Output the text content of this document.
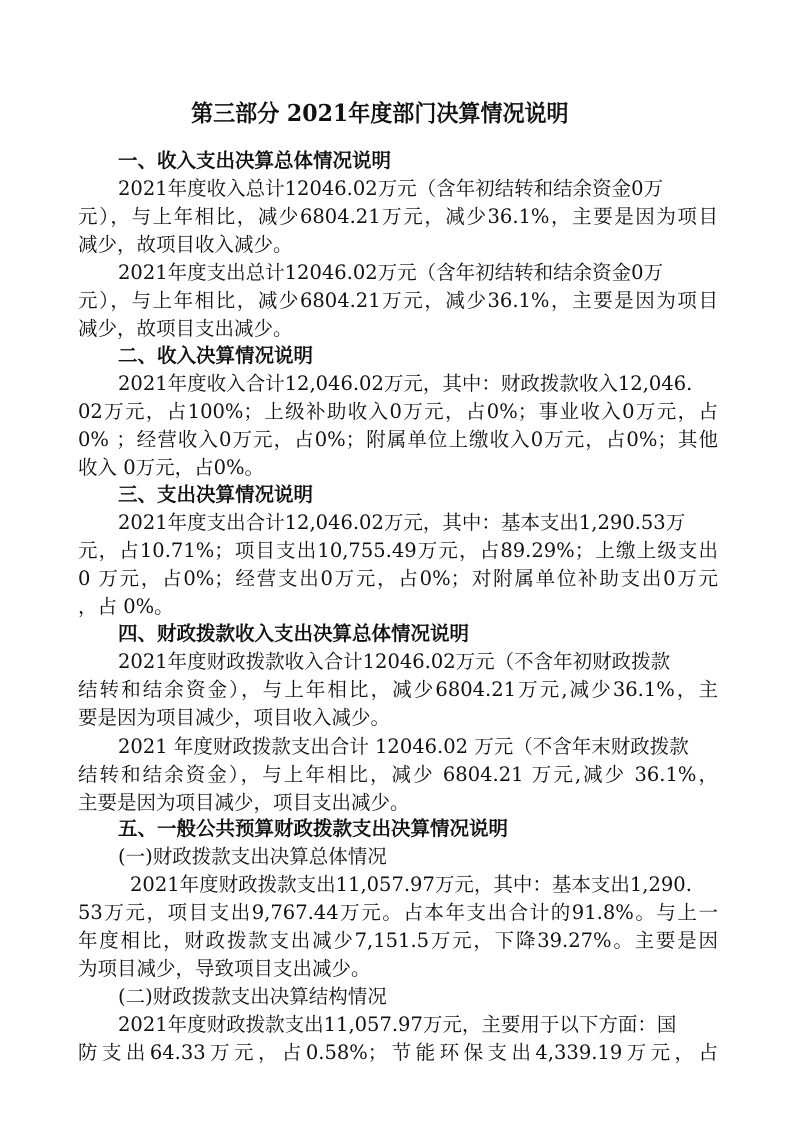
第三部分 2021年度部门决算情况说明
一、收入支出决算总体情况说明
2021年度收入总计12046.02万元（含年初结转和结余资金0万
元），与上年相比，减少6804.21万元，减少36.1%，主要是因为项目
减少，故项目收入减少。
2021年度支出总计12046.02万元（含年初结转和结余资金0万
元），与上年相比，减少6804.21万元，减少36.1%，主要是因为项目
减少，故项目支出减少。
二、收入决算情况说明
2021年度收入合计12,046.02万元，其中：财政拨款收入12,046.
02万元，占100%；上级补助收入0万元，占0%；事业收入0万元，占
0% ；经营收入0万元，占0%；附属单位上缴收入0万元，占0%；其他
收入 0万元，占0%。
三、支出决算情况说明
2021年度支出合计12,046.02万元，其中：基本支出1,290.53万
元，占10.71%；项目支出10,755.49万元，占89.29%；上缴上级支出
0 万元，占0%；经营支出0万元，占0%；对附属单位补助支出0万元
，占 0%。
四、财政拨款收入支出决算总体情况说明
2021年度财政拨款收入合计12046.02万元（不含年初财政拨款
结转和结余资金），与上年相比，减少6804.21万元,减少36.1%，主
要是因为项目减少，项目收入减少。
2021 年度财政拨款支出合计 12046.02 万元（不含年末财政拨款
结转和结余资金），与上年相比，减少 6804.21 万元,减少 36.1%，
主要是因为项目减少，项目支出减少。
五、一般公共预算财政拨款支出决算情况说明
(一)财政拨款支出决算总体情况
2021年度财政拨款支出11,057.97万元，其中：基本支出1,290.
53万元，项目支出9,767.44万元。占本年支出合计的91.8%。与上一
年度相比，财政拨款支出减少7,151.5万元，下降39.27%。主要是因
为项目减少，导致项目支出减少。
(二)财政拨款支出决算结构情况
2021年度财政拨款支出11,057.97万元，主要用于以下方面：国
防支出64.33万元，占0.58%；节能环保支出4,339.19万元，占
